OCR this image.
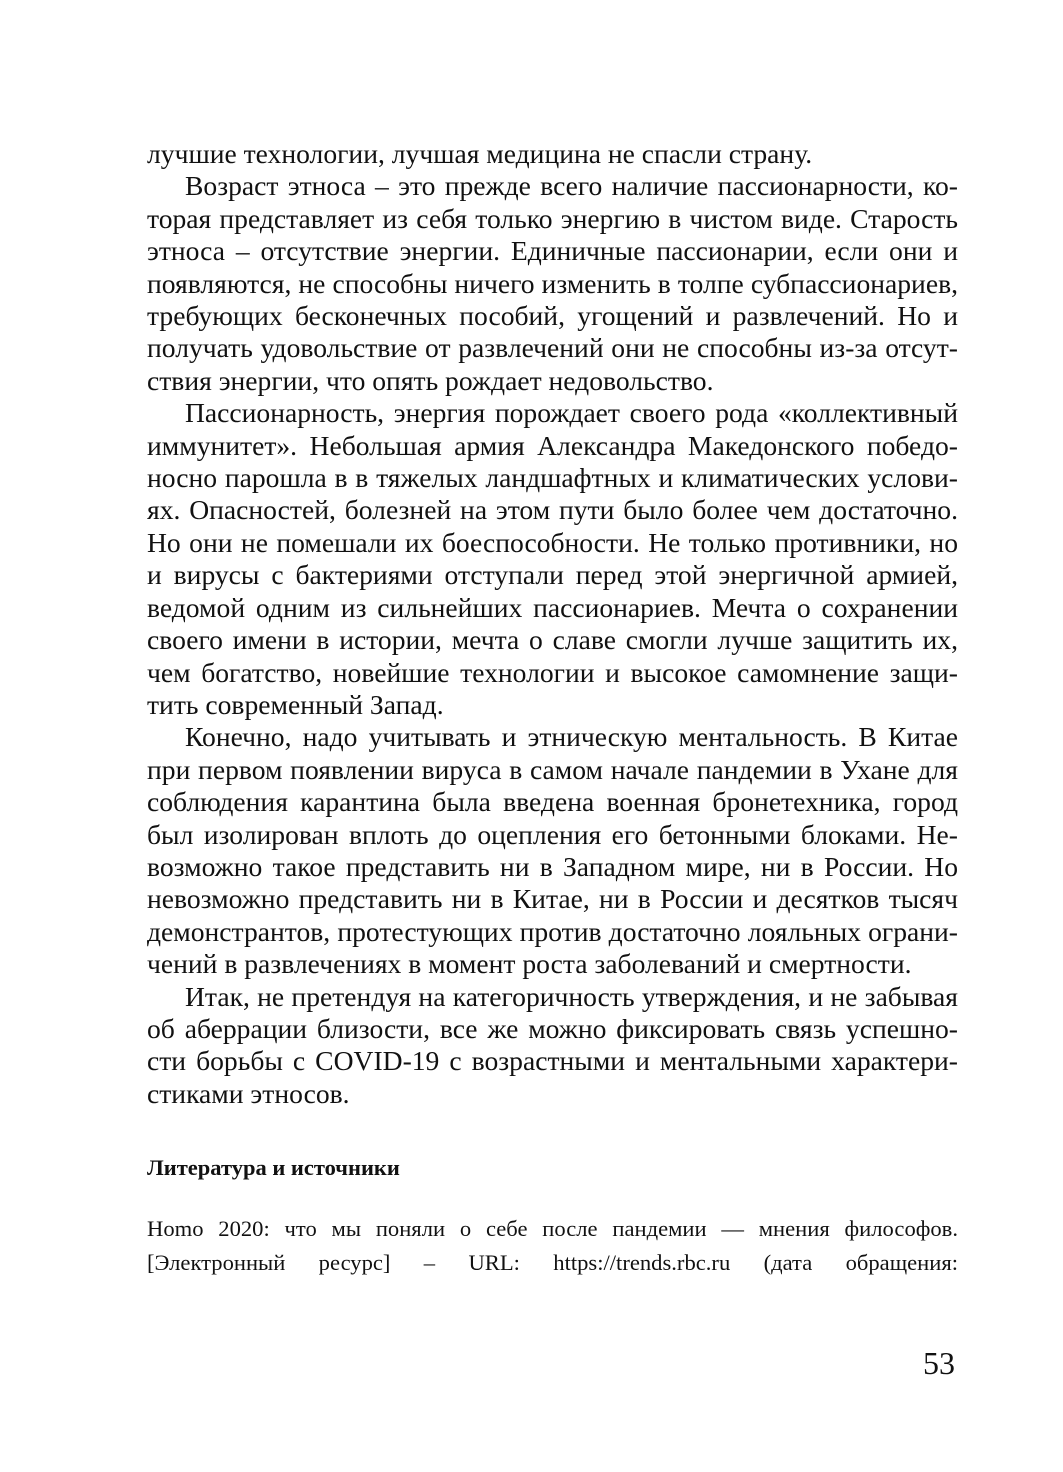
лучшие технологии, лучшая медицина не спасли страну.

Возраст этноса – это прежде всего наличие пассионарности, которая представляет из себя только энергию в чистом виде. Старость этноса – отсутствие энергии. Единичные пассионарии, если они и появляются, не способны ничего изменить в толпе субпассионариев, требующих бесконечных пособий, угощений и развлечений. Но и получать удовольствие от развлечений они не способны из-за отсутствия энергии, что опять рождает недовольство.

Пассионарность, энергия порождает своего рода «коллективный иммунитет». Небольшая армия Александра Македонского победоносно парошла в в тяжелых ландшафтных и климатических условиях. Опасностей, болезней на этом пути было более чем достаточно. Но они не помешали их боеспособности. Не только противники, но и вирусы с бактериями отступали перед этой энергичной армией, ведомой одним из сильнейших пассионариев. Мечта о сохранении своего имени в истории, мечта о славе смогли лучше защитить их, чем богатство, новейшие технологии и высокое самомнение защитить современный Запад.

Конечно, надо учитывать и этническую ментальность. В Китае при первом появлении вируса в самом начале пандемии в Ухане для соблюдения карантина была введена военная бронетехника, город был изолирован вплоть до оцепления его бетонными блоками. Невозможно такое представить ни в Западном мире, ни в России. Но невозможно представить ни в Китае, ни в России и десятков тысяч демонстрантов, протестующих против достаточно лояльных ограничений в развлечениях в момент роста заболеваний и смертности.

Итак, не претендуя на категоричность утверждения, и не забывая об аберрации близости, все же можно фиксировать связь успешности борьбы с COVID-19 с возрастными и ментальными характеристиками этносов.

Литература и источники

Homo 2020: что мы поняли о себе после пандемии — мнения философов. [Электронный ресурс] – URL: https://trends.rbc.ru (дата обращения:

53
